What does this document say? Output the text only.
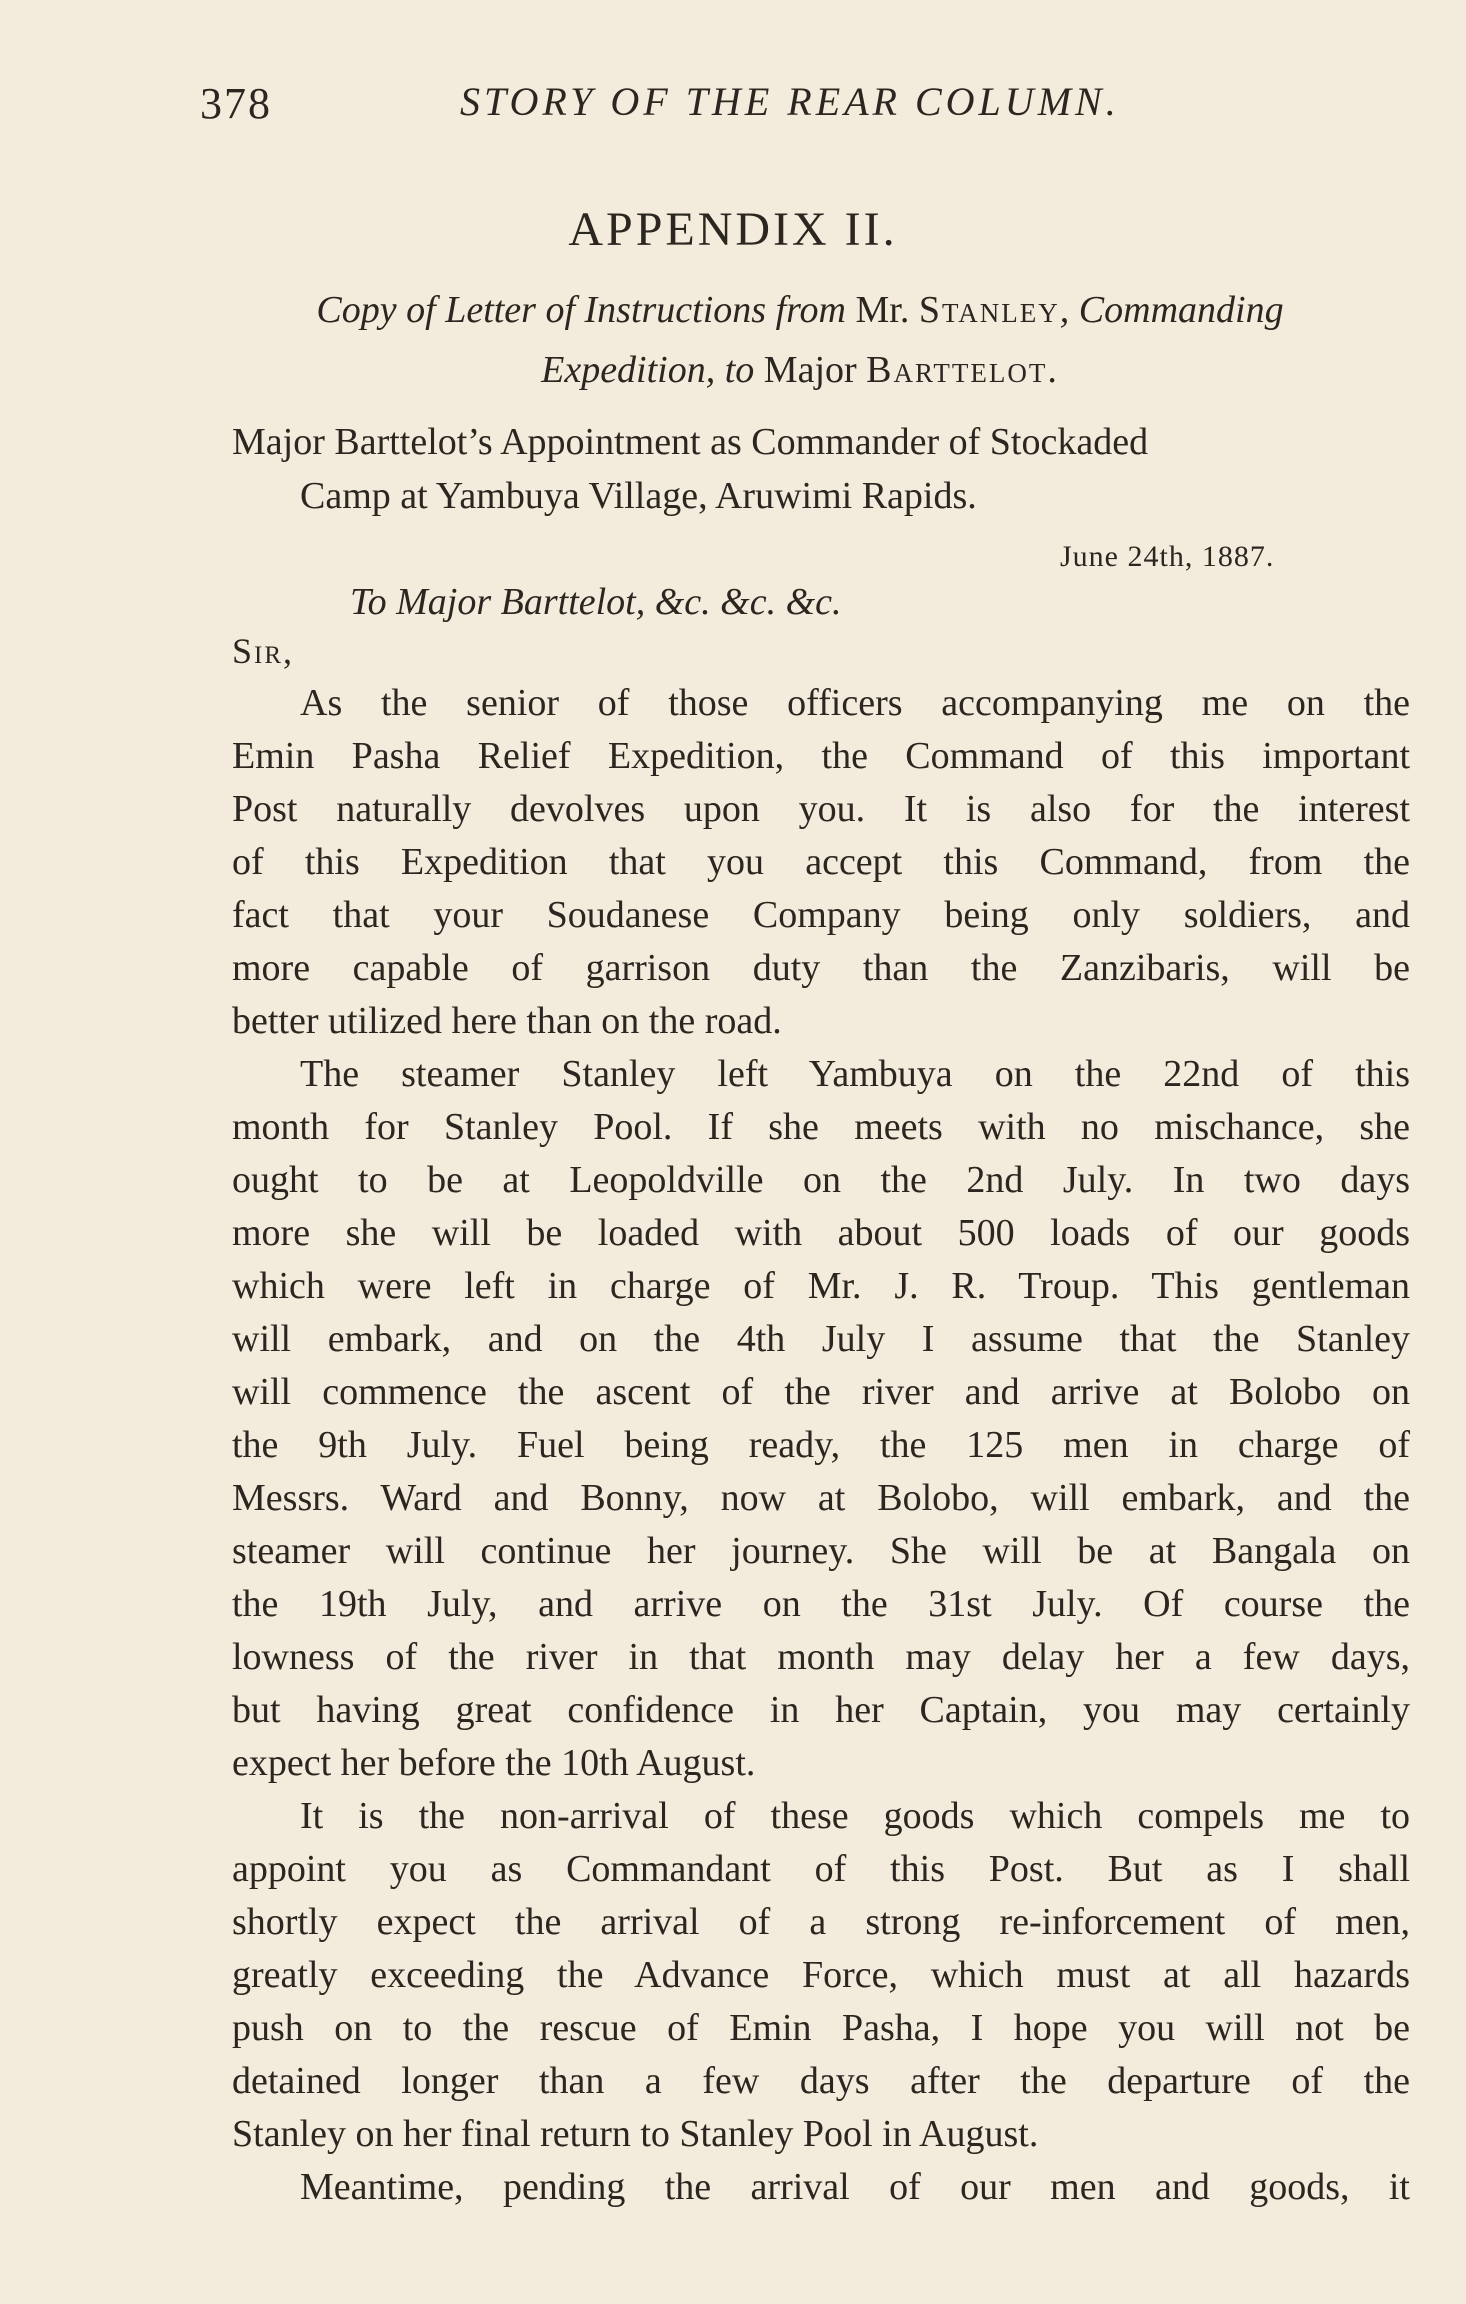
378	STORY OF THE REAR COLUMN.
APPENDIX II.
Copy of Letter of Instructions from Mr. Stanley, Commanding
Expedition, to Major Barttelot.
Major Barttelot’s Appointment as Commander of Stockaded
Camp at Yambuya Village, Aruwimi Rapids.
June 24th, 1887.
To Major Barttelot, &c. &c. &c.
Sir,
As the senior of those officers accompanying me on the
Emin Pasha Relief Expedition, the Command of this important
Post naturally devolves upon you. It is also for the interest
of this Expedition that you accept this Command, from the
fact that your Soudanese Company being only soldiers, and
more capable of garrison duty than the Zanzibaris, will be
better utilized here than on the road.
The steamer Stanley left Yambuya on the 22nd of this
month for Stanley Pool. If she meets with no mischance, she
ought to be at Leopoldville on the 2nd July. In two days
more she will be loaded with about 500 loads of our goods
which were left in charge of Mr. J. R. Troup. This gentleman
will embark, and on the 4th July I assume that the Stanley
will commence the ascent of the river and arrive at Bolobo on
the 9th July. Fuel being ready, the 125 men in charge of
Messrs. Ward and Bonny, now at Bolobo, will embark, and the
steamer will continue her journey. She will be at Bangala on
the 19th July, and arrive on the 31st July. Of course the
lowness of the river in that month may delay her a few days,
but having great confidence in her Captain, you may certainly
expect her before the 10th August.
It is the non-arrival of these goods which compels me to
appoint you as Commandant of this Post. But as I shall
shortly expect the arrival of a strong re-inforcement of men,
greatly exceeding the Advance Force, which must at all hazards
push on to the rescue of Emin Pasha, I hope you will not be
detained longer than a few days after the departure of the
Stanley on her final return to Stanley Pool in August.
Meantime, pending the arrival of our men and goods, it
